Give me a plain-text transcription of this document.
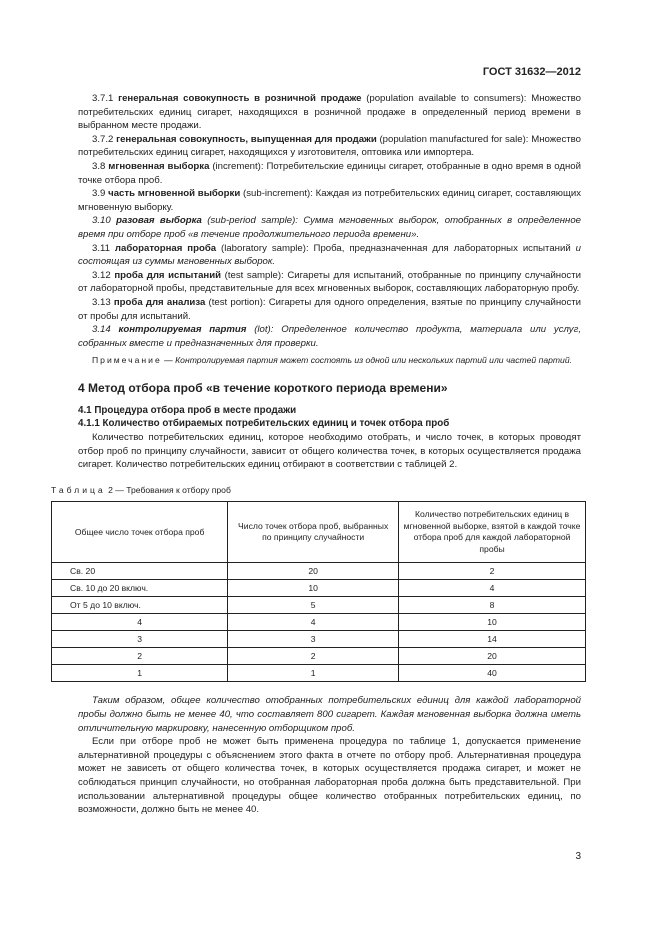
ГОСТ 31632—2012

3.7.1 генеральная совокупность в розничной продаже (population available to consumers): Множество потребительских единиц сигарет, находящихся в розничной продаже в определенный период времени в выбранном месте продажи.

3.7.2 генеральная совокупность, выпущенная для продажи (population manufactured for sale): Множество потребительских единиц сигарет, находящихся у изготовителя, оптовика или импортера.

3.8 мгновенная выборка (increment): Потребительские единицы сигарет, отобранные в одно время в одной точке отбора проб.

3.9 часть мгновенной выборки (sub-increment): Каждая из потребительских единиц сигарет, составляющих мгновенную выборку.

3.10 разовая выборка (sub-period sample): Сумма мгновенных выборок, отобранных в определенное время при отборе проб «в течение продолжительного периода времени».

3.11 лабораторная проба (laboratory sample): Проба, предназначенная для лабораторных испытаний и состоящая из суммы мгновенных выборок.

3.12 проба для испытаний (test sample): Сигареты для испытаний, отобранные по принципу случайности от лабораторной пробы, представительные для всех мгновенных выборок, составляющих лабораторную пробу.

3.13 проба для анализа (test portion): Сигареты для одного определения, взятые по принципу случайности от пробы для испытаний.

3.14 контролируемая партия (lot): Определенное количество продукта, материала или услуг, собранных вместе и предназначенных для проверки.

Примечание — Контролируемая партия может состоять из одной или нескольких партий или частей партий.
4 Метод отбора проб «в течение короткого периода времени»
4.1 Процедура отбора проб в месте продажи
4.1.1 Количество отбираемых потребительских единиц и точек отбора проб

Количество потребительских единиц, которое необходимо отобрать, и число точек, в которых проводят отбор проб по принципу случайности, зависит от общего количества точек, в которых осуществляется продажа сигарет. Количество потребительских единиц отбирают в соответствии с таблицей 2.

Таблица 2 — Требования к отбору проб
Общее число точек отбора проб	Число точек отбора проб, выбранных по принципу случайности	Количество потребительских единиц в мгновенной выборке, взятой в каждой точке отбора проб для каждой лабораторной пробы
Св. 20	20	2
Св. 10 до 20 включ.	10	4
От 5 до 10 включ.	5	8
4	4	10
3	3	14
2	2	20
1	1	40

Таким образом, общее количество отобранных потребительских единиц для каждой лабораторной пробы должно быть не менее 40, что составляет 800 сигарет. Каждая мгновенная выборка должна иметь отличительную маркировку, нанесенную отборщиком проб.

Если при отборе проб не может быть применена процедура по таблице 1, допускается применение альтернативной процедуры с объяснением этого факта в отчете по отбору проб. Альтернативная процедура может не зависеть от общего количества точек, в которых осуществляется продажа сигарет, и может не соблюдаться принцип случайности, но отобранная лабораторная проба должна быть представительной. При использовании альтернативной процедуры общее количество отобранных потребительских единиц, по возможности, должно быть не менее 40.

3
